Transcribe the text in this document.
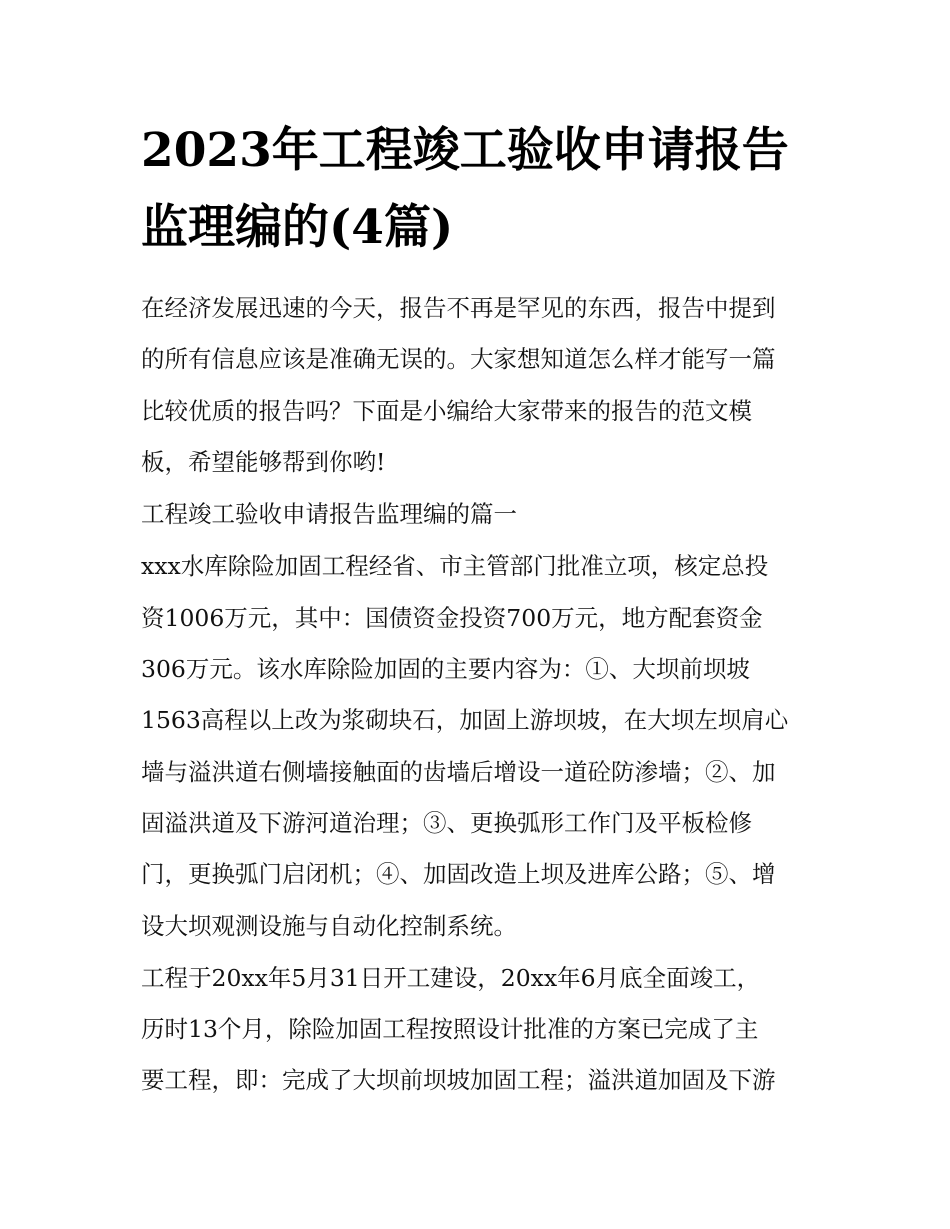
2023年工程竣工验收申请报告
监理编的(4篇)

在经济发展迅速的今天，报告不再是罕见的东西，报告中提到
的所有信息应该是准确无误的。大家想知道怎么样才能写一篇
比较优质的报告吗？下面是小编给大家带来的报告的范文模
板，希望能够帮到你哟!

工程竣工验收申请报告监理编的篇一

xxx水库除险加固工程经省、市主管部门批准立项，核定总投
资1006万元，其中：国债资金投资700万元，地方配套资金
306万元。该水库除险加固的主要内容为：①、大坝前坝坡
1563高程以上改为浆砌块石，加固上游坝坡，在大坝左坝肩心
墙与溢洪道右侧墙接触面的齿墙后增设一道砼防渗墙；②、加
固溢洪道及下游河道治理；③、更换弧形工作门及平板检修
门，更换弧门启闭机；④、加固改造上坝及进库公路；⑤、增
设大坝观测设施与自动化控制系统。

工程于20xx年5月31日开工建设，20xx年6月底全面竣工，
历时13个月，除险加固工程按照设计批准的方案已完成了主
要工程，即：完成了大坝前坝坡加固工程；溢洪道加固及下游
